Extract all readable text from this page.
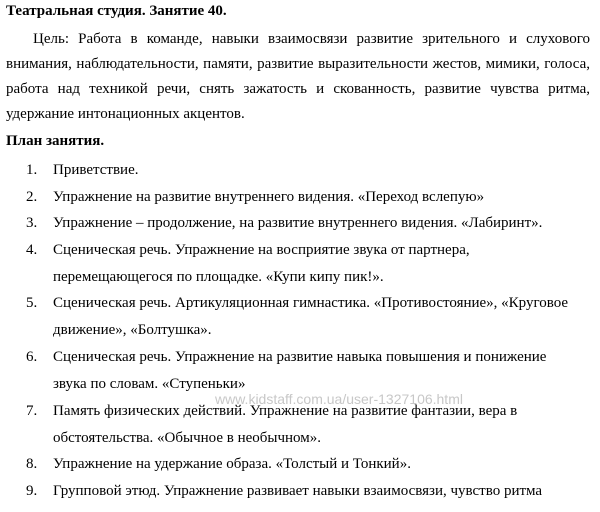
Театральная студия. Занятие 40.

Цель: Работа в команде, навыки взаимосвязи развитие зрительного и слухового внимания, наблюдательности, памяти, развитие выразительности жестов, мимики, голоса, работа над техникой речи, снять зажатость и скованность, развитие чувства ритма, удержание интонационных акцентов.

План занятия.
1.	Приветствие.
2.	Упражнение на развитие внутреннего видения. «Переход вслепую»
3.	Упражнение – продолжение, на развитие внутреннего видения. «Лабиринт».
4.	Сценическая речь. Упражнение на восприятие звука от партнера,
перемещающегося по площадке. «Купи кипу пик!».
5.	Сценическая речь. Артикуляционная гимнастика. «Противостояние», «Круговое
движение», «Болтушка».
6.	Сценическая речь. Упражнение на развитие навыка повышения и понижение
звука по словам. «Ступеньки»
7.	Память физических действий. Упражнение на развитие фантазии, вера в
обстоятельства. «Обычное в необычном».
8.	Упражнение на удержание образа. «Толстый и Тонкий».
9.	Групповой этюд. Упражнение развивает навыки взаимосвязи, чувство ритма
www.kidstaff.com.ua/user-1327106.html
